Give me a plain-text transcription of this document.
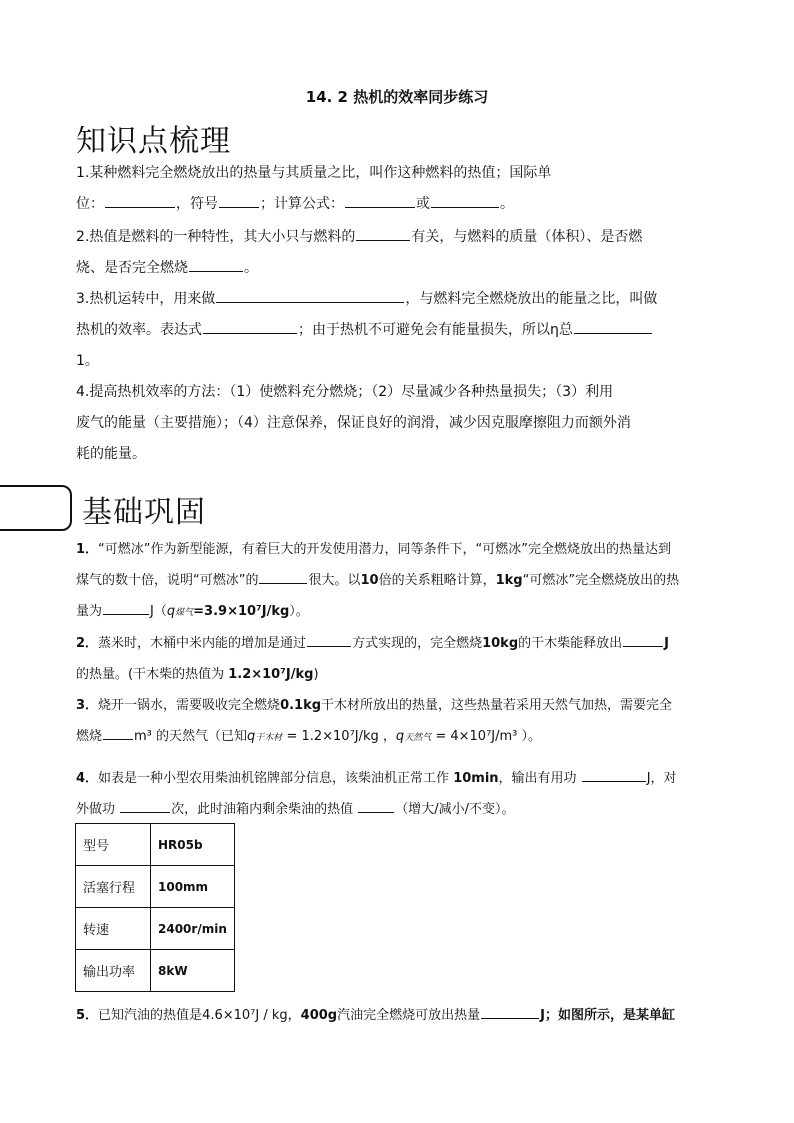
14. 2 热机的效率同步练习
知识点梳理
1.某种燃料完全燃烧放出的热量与其质量之比，叫作这种燃料的热值；国际单
位：	，符号	；计算公式：	或	。
2.热值是燃料的一种特性，其大小只与燃料的	有关，与燃料的质量（体积）、是否燃
烧、是否完全燃烧	。
3.热机运转中，用来做	，与燃料完全燃烧放出的能量之比，叫做
热机的效率。表达式	；由于热机不可避免会有能量损失，所以η总
1。
4.提高热机效率的方法：（1）使燃料充分燃烧；（2）尽量减少各种热量损失；（3）利用
废气的能量（主要措施）；（4）注意保养，保证良好的润滑，减少因克服摩擦阻力而额外消
耗的能量。
基础巩固
1．“可燃冰”作为新型能源，有着巨大的开发使用潜力，同等条件下，“可燃冰”完全燃烧放出的热量达到
煤气的数十倍，说明“可燃冰”的	很大。以10倍的关系粗略计算，1kg“可燃冰”完全燃烧放出的热
量为	J（q煤气=3.9×10⁷J/kg）。
2．蒸米时，木桶中米内能的增加是通过	方式实现的，完全燃烧10kg的干木柴能释放出	J
的热量。(干木柴的热值为 1.2×10⁷J/kg)
3．烧开一锅水，需要吸收完全燃烧0.1kg干木材所放出的热量，这些热量若采用天然气加热，需要完全
燃烧 m³ 的天然气（已知q干木材 = 1.2×10⁷J/kg ，q天然气 = 4×10⁷J/m³ ）。
4．如表是一种小型农用柴油机铭牌部分信息，该柴油机正常工作 10min，输出有用功	J，对
外做功	次，此时油箱内剩余柴油的热值	（增大/减小/不变）。
型号	HR05b
活塞行程	100mm
转速	2400r/min
输出功率	8kW
5．已知汽油的热值是4.6×10⁷J / kg，400g汽油完全燃烧可放出热量	J；如图所示，是某单缸
